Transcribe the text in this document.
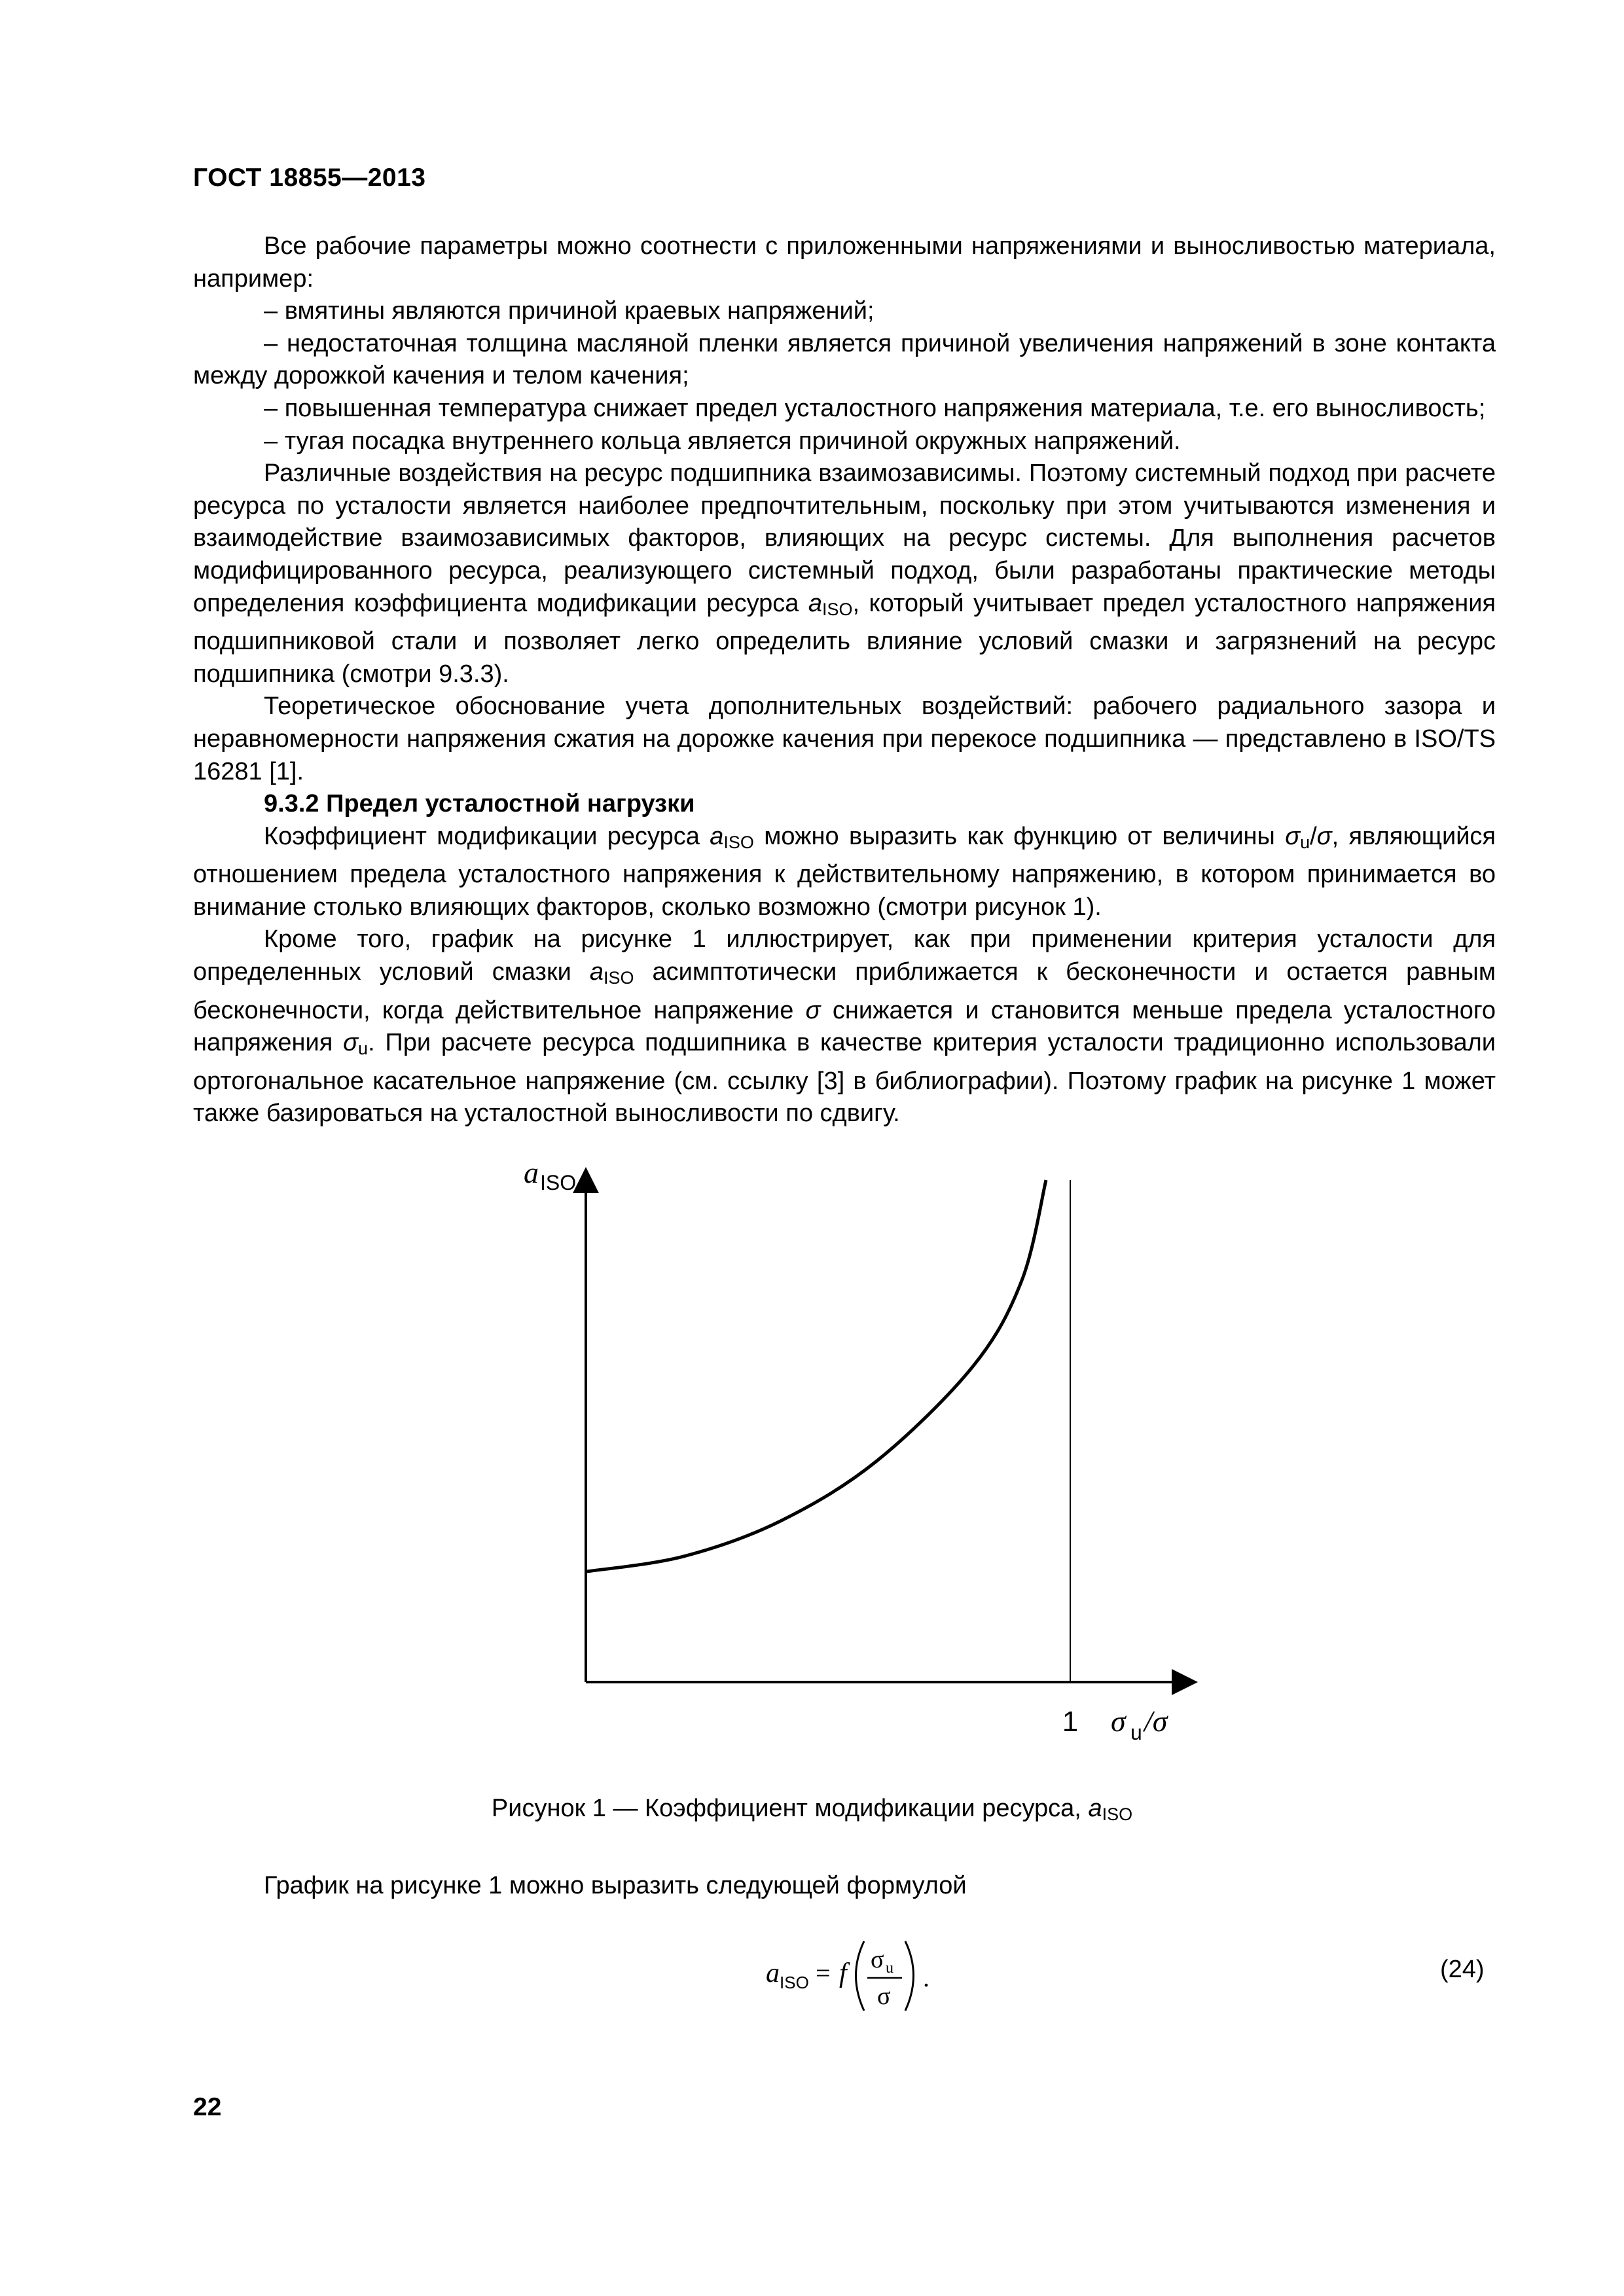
ГОСТ 18855—2013

Все рабочие параметры можно соотнести с приложенными напряжениями и выносливостью материала, например:

– вмятины являются причиной краевых напряжений;

– недостаточная толщина масляной пленки является причиной увеличения напряжений в зоне контакта между дорожкой качения и телом качения;

– повышенная температура снижает предел усталостного напряжения материала, т.е. его выносливость;

– тугая посадка внутреннего кольца является причиной окружных напряжений.

Различные воздействия на ресурс подшипника взаимозависимы. Поэтому системный подход при расчете ресурса по усталости является наиболее предпочтительным, поскольку при этом учитываются изменения и взаимодействие взаимозависимых факторов, влияющих на ресурс системы. Для выполнения расчетов модифицированного ресурса, реализующего системный подход, были разработаны практические методы определения коэффициента модификации ресурса $a_{ISO}$, который учитывает предел усталостного напряжения подшипниковой стали и позволяет легко определить влияние условий смазки и загрязнений на ресурс подшипника (смотри 9.3.3).

Теоретическое обоснование учета дополнительных воздействий: рабочего радиального зазора и неравномерности напряжения сжатия на дорожке качения при перекосе подшипника — представлено в ISO/TS 16281 [1].

9.3.2 Предел усталостной нагрузки

Коэффициент модификации ресурса $a_{ISO}$ можно выразить как функцию от величины $\sigma_u/\sigma$, являющийся отношением предела усталостного напряжения к действительному напряжению, в котором принимается во внимание столько влияющих факторов, сколько возможно (смотри рисунок 1).

Кроме того, график на рисунке 1 иллюстрирует, как при применении критерия усталости для определенных условий смазки $a_{ISO}$ асимптотически приближается к бесконечности и остается равным бесконечности, когда действительное напряжение σ снижается и становится меньше предела усталостного напряжения $\sigma_u$. При расчете ресурса подшипника в качестве критерия усталости традиционно использовали ортогональное касательное напряжение (см. ссылку [3] в библиографии). Поэтому график на рисунке 1 может также базироваться на усталостной выносливости по сдвигу.

a ISO
1 σ u /σ
Рисунок 1 — Коэффициент модификации ресурса, $a_{ISO}$
График на рисунке 1 можно выразить следующей формулой
a ISO = f σ u
σ
.	(24)
22
